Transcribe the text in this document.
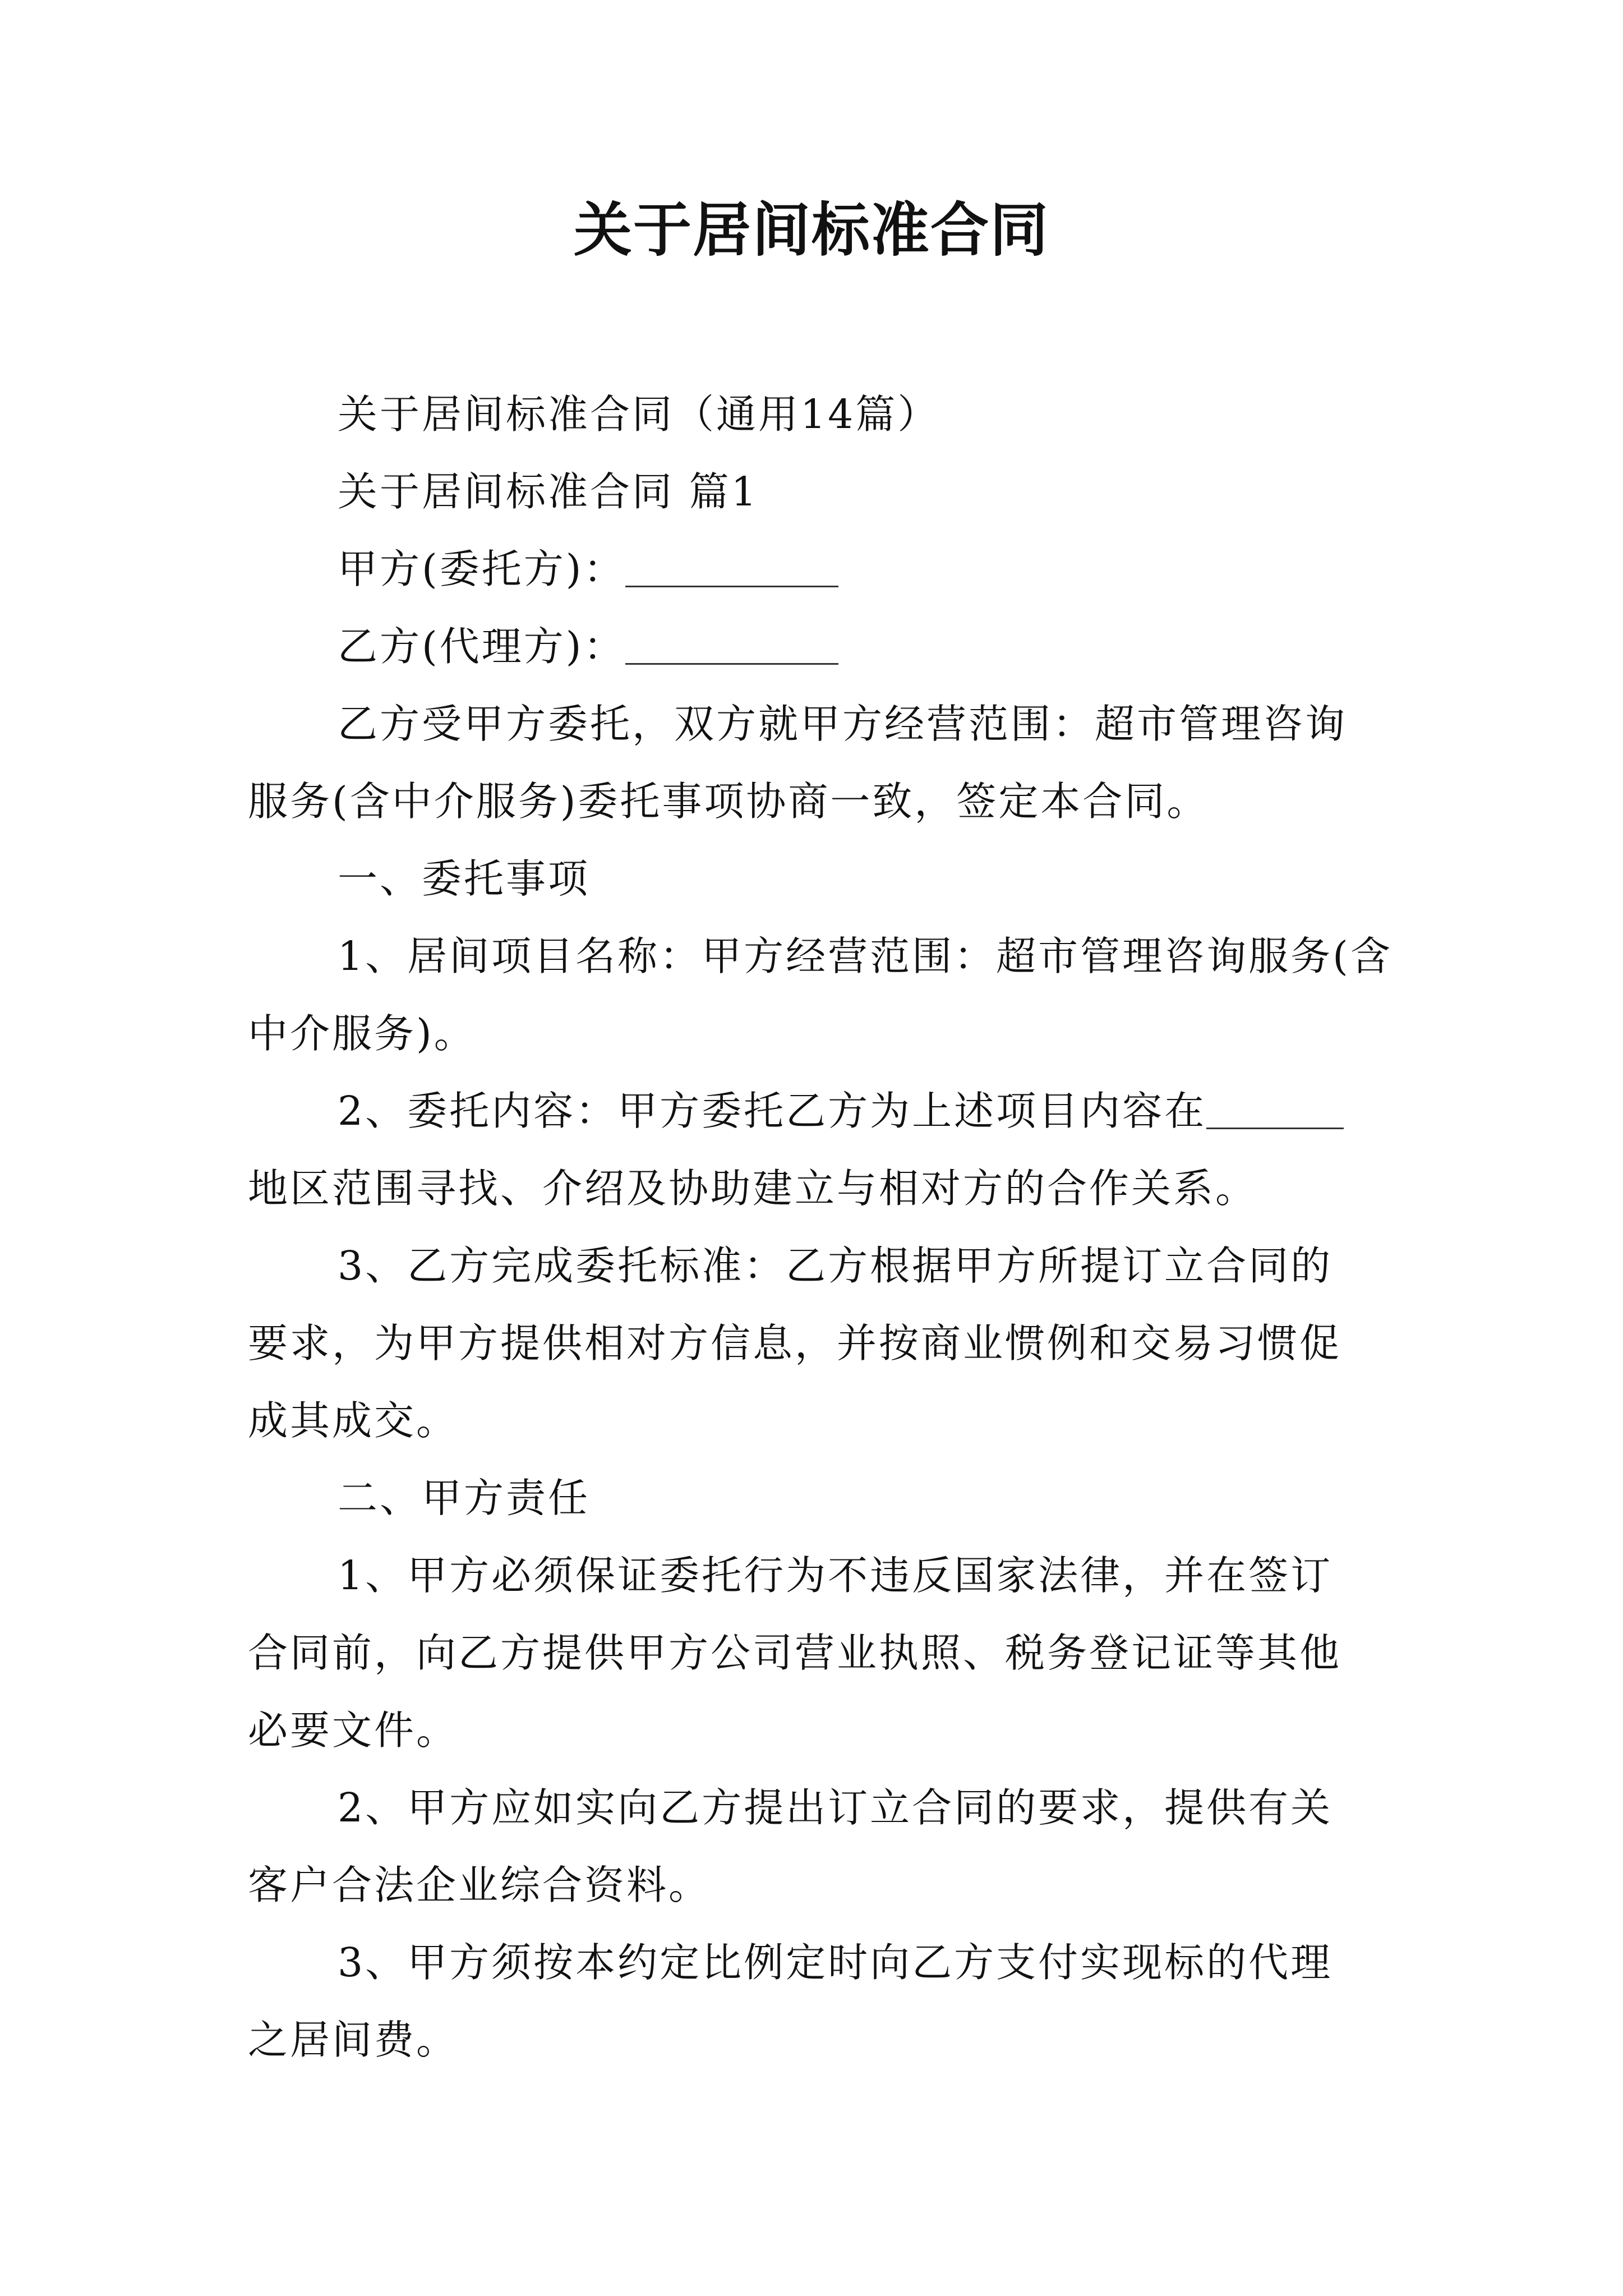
关于居间标准合同

关于居间标准合同（通用14篇）

关于居间标准合同 篇1

甲方(委托方)：

乙方(代理方)：

乙方受甲方委托，双方就甲方经营范围：超市管理咨询

服务(含中介服务)委托事项协商一致，签定本合同。

一、委托事项

1、居间项目名称：甲方经营范围：超市管理咨询服务(含

中介服务)。

2、委托内容：甲方委托乙方为上述项目内容在

地区范围寻找、介绍及协助建立与相对方的合作关系。

3、乙方完成委托标准：乙方根据甲方所提订立合同的

要求，为甲方提供相对方信息，并按商业惯例和交易习惯促

成其成交。

二、甲方责任

1、甲方必须保证委托行为不违反国家法律，并在签订

合同前，向乙方提供甲方公司营业执照、税务登记证等其他

必要文件。

2、甲方应如实向乙方提出订立合同的要求，提供有关

客户合法企业综合资料。

3、甲方须按本约定比例定时向乙方支付实现标的代理

之居间费。
